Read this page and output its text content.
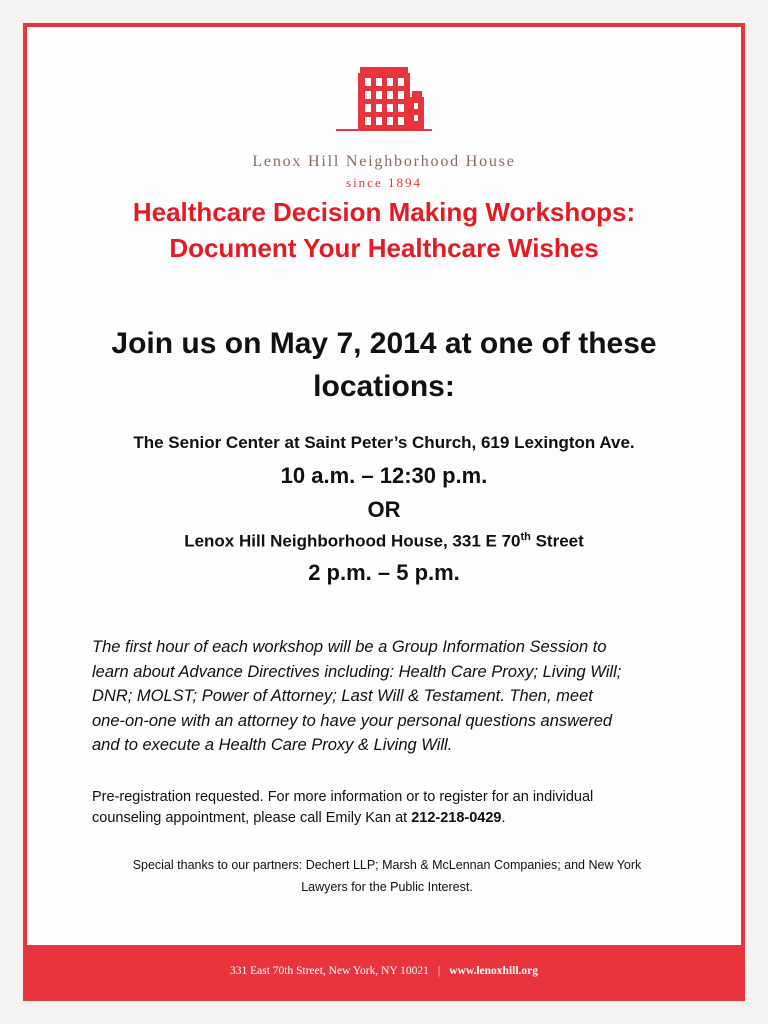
Lenox Hill Neighborhood House
since 1894
Healthcare Decision Making Workshops:
Document Your Healthcare Wishes
Join us on May 7, 2014 at one of these
locations:
The Senior Center at Saint Peter’s Church, 619 Lexington Ave.
10 a.m. – 12:30 p.m.
OR
Lenox Hill Neighborhood House, 331 E 70th Street
2 p.m. – 5 p.m.
The first hour of each workshop will be a Group Information Session to
learn about Advance Directives including: Health Care Proxy; Living Will;
DNR; MOLST; Power of Attorney; Last Will & Testament. Then, meet
one-on-one with an attorney to have your personal questions answered
and to execute a Health Care Proxy & Living Will.
Pre-registration requested. For more information or to register for an individual
counseling appointment, please call Emily Kan at 212-218-0429.
Special thanks to our partners: Dechert LLP; Marsh & McLennan Companies; and New York
Lawyers for the Public Interest.
331 East 70th Street, New York, NY 10021 | www.lenoxhill.org
